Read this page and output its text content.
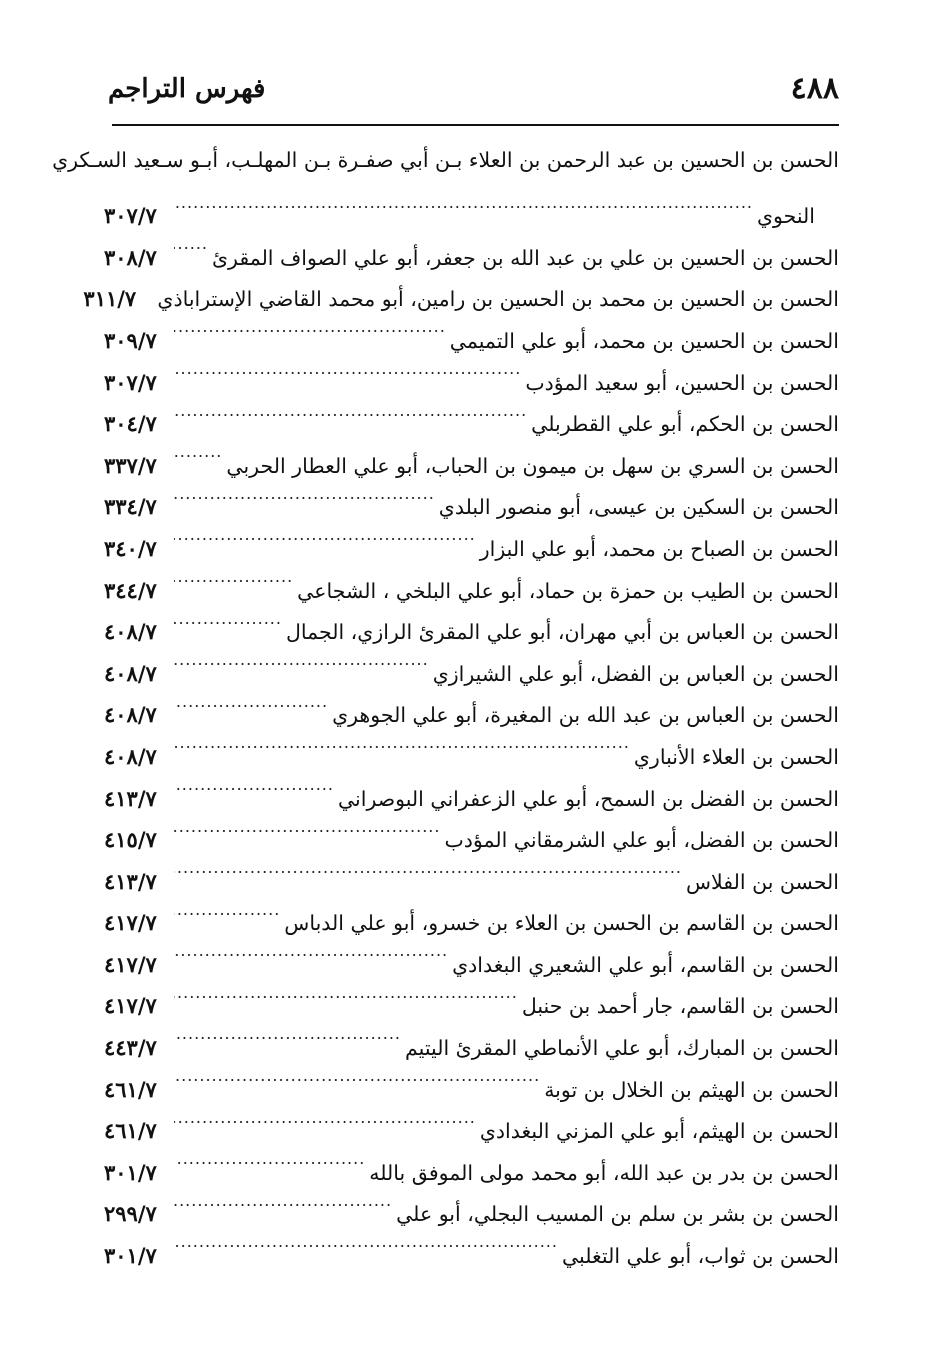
٤٨٨
فهرس التراجم
الحسن بن الحسين بن عبد الرحمن بن العلاء بـن أبي صفـرة بـن المهلـب، أبـو سـعيد السـكري
النحوي
.....
٣٠٧/٧
الحسن بن الحسين بن علي بن عبد الله بن جعفر، أبو علي الصواف المقرئ
.....
٣٠٨/٧
الحسن بن الحسين بن محمد بن الحسين بن رامين، أبو محمد القاضي الإستراباذي
٣١١/٧
الحسن بن الحسين بن محمد، أبو علي التميمي
.....
٣٠٩/٧
الحسن بن الحسين، أبو سعيد المؤدب
.....
٣٠٧/٧
الحسن بن الحكم، أبو علي القطربلي
.....
٣٠٤/٧
الحسن بن السري بن سهل بن ميمون بن الحباب، أبو علي العطار الحربي
.....
٣٣٧/٧
الحسن بن السكين بن عيسى، أبو منصور البلدي
.....
٣٣٤/٧
الحسن بن الصباح بن محمد، أبو علي البزار
.....
٣٤٠/٧
الحسن بن الطيب بن حمزة بن حماد، أبو علي البلخي ، الشجاعي
.....
٣٤٤/٧
الحسن بن العباس بن أبي مهران، أبو علي المقرئ الرازي، الجمال
.....
٤٠٨/٧
الحسن بن العباس بن الفضل، أبو علي الشيرازي
.....
٤٠٨/٧
الحسن بن العباس بن عبد الله بن المغيرة، أبو علي الجوهري
.....
٤٠٨/٧
الحسن بن العلاء الأنباري
.....
٤٠٨/٧
الحسن بن الفضل بن السمح، أبو علي الزعفراني البوصراني
.....
٤١٣/٧
الحسن بن الفضل، أبو علي الشرمقاني المؤدب
.....
٤١٥/٧
الحسن بن الفلاس
.....
٤١٣/٧
الحسن بن القاسم بن الحسن بن العلاء بن خسرو، أبو علي الدباس
.....
٤١٧/٧
الحسن بن القاسم، أبو علي الشعيري البغدادي
.....
٤١٧/٧
الحسن بن القاسم، جار أحمد بن حنبل
.....
٤١٧/٧
الحسن بن المبارك، أبو علي الأنماطي المقرئ اليتيم
.....
٤٤٣/٧
الحسن بن الهيثم بن الخلال بن توبة
.....
٤٦١/٧
الحسن بن الهيثم، أبو علي المزني البغدادي
.....
٤٦١/٧
الحسن بن بدر بن عبد الله، أبو محمد مولى الموفق بالله
.....
٣٠١/٧
الحسن بن بشر بن سلم بن المسيب البجلي، أبو علي
.....
٢٩٩/٧
الحسن بن ثواب، أبو علي التغلبي
.....
٣٠١/٧
